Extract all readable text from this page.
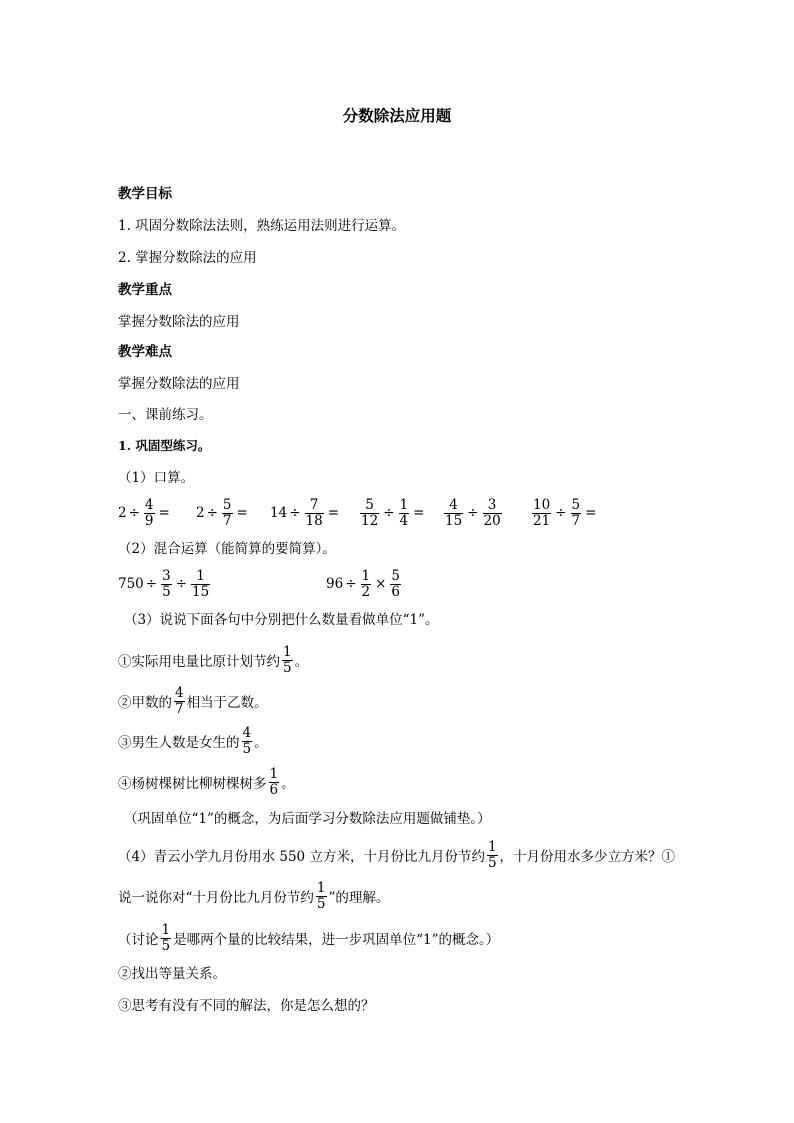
分数除法应用题
教学目标
1. 巩固分数除法法则，熟练运用法则进行运算。
2. 掌握分数除法的应用
教学重点
掌握分数除法的应用
教学难点
掌握分数除法的应用
一、课前练习。
1. 巩固型练习。
（1）口算。
$2 \div \frac{4}{9} = 2 \div \frac{5}{7} = 14 \div \frac{7}{18} = \frac{5}{12} \div \frac{1}{4} = \frac{4}{15} \div \frac{3}{20} \frac{10}{21} \div \frac{5}{7}$ =
（2）混合运算（能简算的要简算）。
$750 \div \frac{3}{5} \div \frac{1}{15}$	$96 \div \frac{1}{2} \times \frac{5}{6}$
（3）说说下面各句中分别把什么数量看做单位“1”。
①实际用电量比原计划节约 $\frac{1}{5}$ 。
②甲数的 $\frac{4}{7}$ 相当于乙数。
③男生人数是女生的 $\frac{4}{5}$ 。
④杨树棵树比柳树棵树多 $\frac{1}{6}$ 。
（巩固单位“1”的概念，为后面学习分数除法应用题做铺垫。）
（4）青云小学九月份用水 550 立方米，十月份比九月份节约 $\frac{1}{5}$ ，十月份用水多少立方米？①
说一说你对“十月份比九月份节约 $\frac{1}{5}$ ”的理解。
（讨论 $\frac{1}{5}$ 是哪两个量的比较结果，进一步巩固单位“1”的概念。）
②找出等量关系。
③思考有没有不同的解法，你是怎么想的？
